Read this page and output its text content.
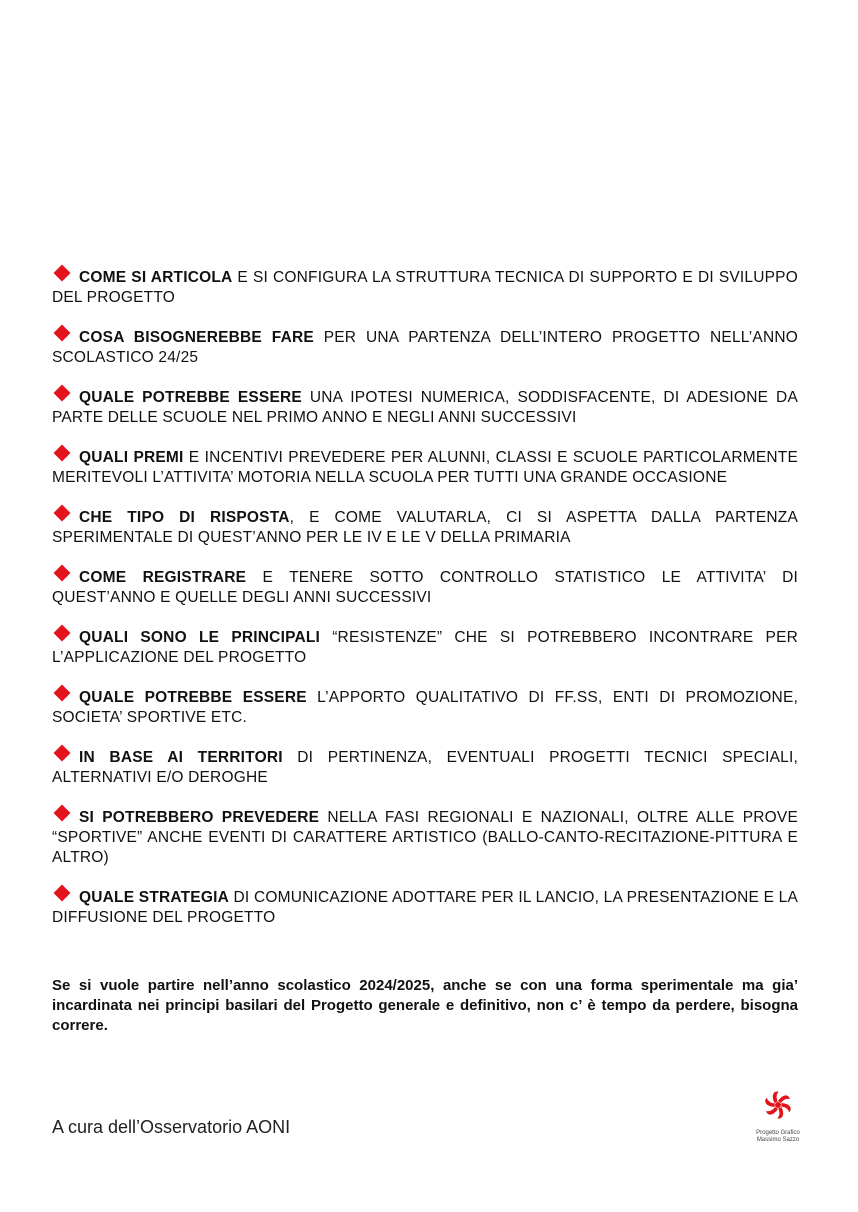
COME SI ARTICOLA E SI CONFIGURA LA STRUTTURA TECNICA DI SUPPORTO E DI SVILUPPO DEL PROGETTO

COSA BISOGNEREBBE FARE PER UNA PARTENZA DELL’INTERO PROGETTO NELL’ANNO SCOLASTICO 24/25

QUALE POTREBBE ESSERE UNA IPOTESI NUMERICA, SODDISFACENTE, DI ADESIONE DA PARTE DELLE SCUOLE NEL PRIMO ANNO E NEGLI ANNI SUCCESSIVI

QUALI PREMI E INCENTIVI PREVEDERE PER ALUNNI, CLASSI E SCUOLE PARTICOLARMENTE MERITEVOLI L’ATTIVITA’ MOTORIA NELLA SCUOLA PER TUTTI UNA GRANDE OCCASIONE

CHE TIPO DI RISPOSTA, E COME VALUTARLA, CI SI ASPETTA DALLA PARTENZA SPERIMENTALE DI QUEST’ANNO PER LE IV E LE V DELLA PRIMARIA

COME REGISTRARE E TENERE SOTTO CONTROLLO STATISTICO LE ATTIVITA’ DI QUEST’ANNO E QUELLE DEGLI ANNI SUCCESSIVI

QUALI SONO LE PRINCIPALI “RESISTENZE” CHE SI POTREBBERO INCONTRARE PER L’APPLICAZIONE DEL PROGETTO

QUALE POTREBBE ESSERE L’APPORTO QUALITATIVO DI FF.SS, ENTI DI PROMOZIONE, SOCIETA’ SPORTIVE ETC.

IN BASE AI TERRITORI DI PERTINENZA, EVENTUALI PROGETTI TECNICI SPECIALI, ALTERNATIVI E/O DEROGHE

SI POTREBBERO PREVEDERE NELLA FASI REGIONALI E NAZIONALI, OLTRE ALLE PROVE “SPORTIVE” ANCHE EVENTI DI CARATTERE ARTISTICO (BALLO-CANTO-RECITAZIONE-PITTURA E ALTRO)

QUALE STRATEGIA DI COMUNICAZIONE ADOTTARE PER IL LANCIO, LA PRESENTAZIONE E LA DIFFUSIONE DEL PROGETTO

Se si vuole partire nell’anno scolastico 2024/2025, anche se con una forma sperimentale ma gia’ incardinata nei principi basilari del Progetto generale e definitivo, non c’ è tempo da perdere, bisogna correre.

A cura dell’Osservatorio AONI	Progetto Grafico
Massimo Sazzo
